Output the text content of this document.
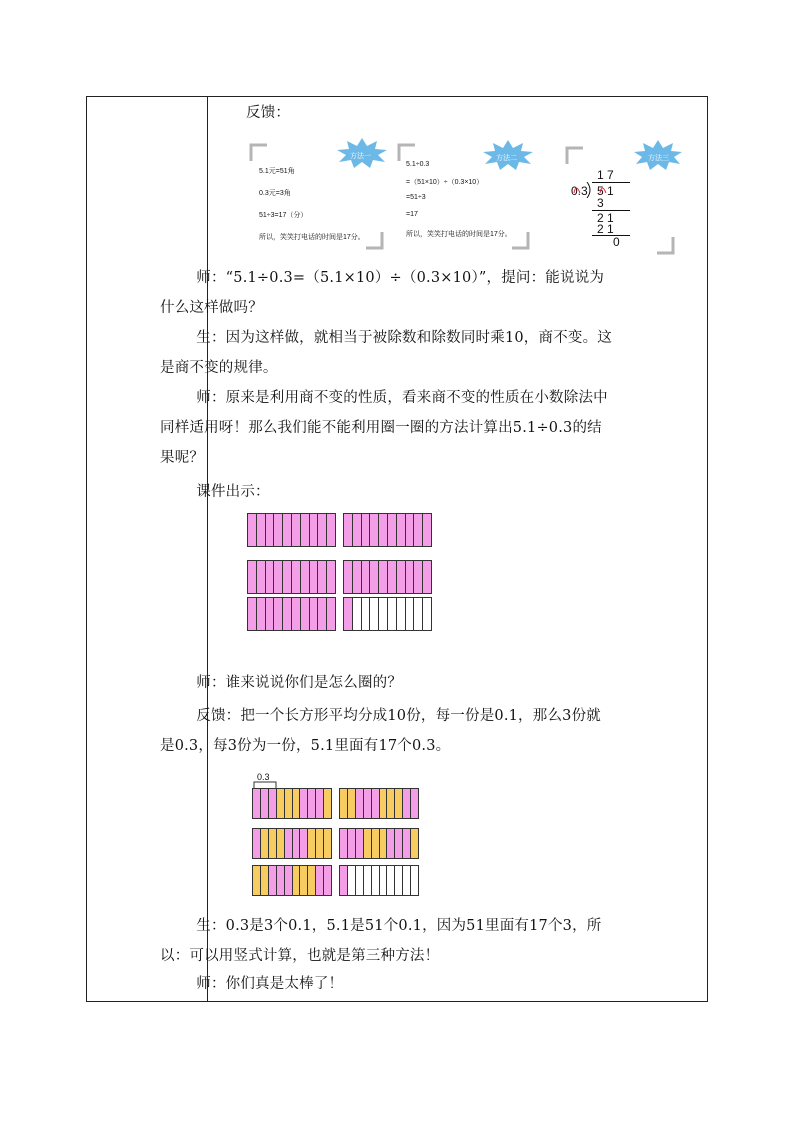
反馈：
方法一
5.1元=51角
0.3元=3角
51÷3=17（分）
所以，笑笑打电话的时间是17分。
方法二
5.1÷0.3
=（51×10）÷（0.3×10）
=51÷3
=17
所以，笑笑打电话的时间是17分。
方法三
1 7
0.3 5 1
3
2 1
2 1
0
师：“5.1÷0.3=（5.1×10）÷（0.3×10）”，提问：能说说为什么这样做吗？
生：因为这样做，就相当于被除数和除数同时乘10，商不变。这是商不变的规律。
师：原来是利用商不变的性质，看来商不变的性质在小数除法中同样适用呀！那么我们能不能利用圈一圈的方法计算出5.1÷0.3的结果呢？
课件出示：
师：谁来说说你们是怎么圈的？
反馈：把一个长方形平均分成10份，每一份是0.1，那么3份就是0.3，每3份为一份，5.1里面有17个0.3。
0.3
生：0.3是3个0.1，5.1是51个0.1，因为51里面有17个3，所以：可以用竖式计算，也就是第三种方法！
师：你们真是太棒了！
